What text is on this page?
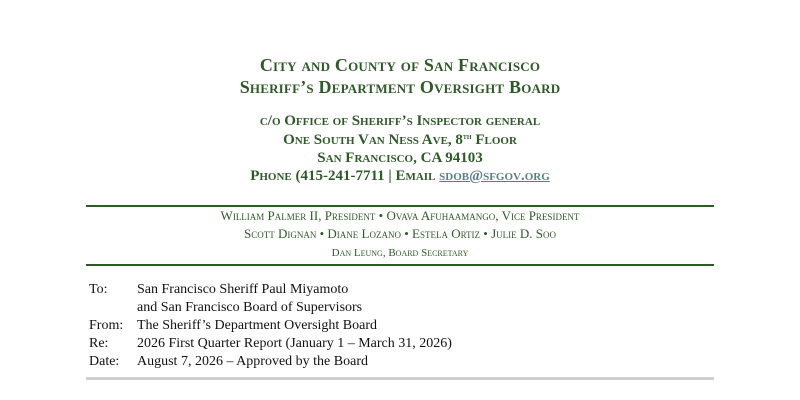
City and County of San Francisco
Sheriff’s Department Oversight Board
c/o Office of Sheriff’s Inspector general
One South Van Ness Ave, 8th Floor
San Francisco, CA 94103
Phone (415-241-7711 | Email sdob@sfgov.org
William Palmer II, President • Ovava Afuhaamango, Vice President
Scott Dignan • Diane Lozano • Estela Ortiz • Julie D. Soo
Dan Leung, Board Secretary
To: San Francisco Sheriff Paul Miyamoto
and San Francisco Board of Supervisors
From: The Sheriff’s Department Oversight Board
Re: 2026 First Quarter Report (January 1 – March 31, 2026)
Date: August 7, 2026 – Approved by the Board
